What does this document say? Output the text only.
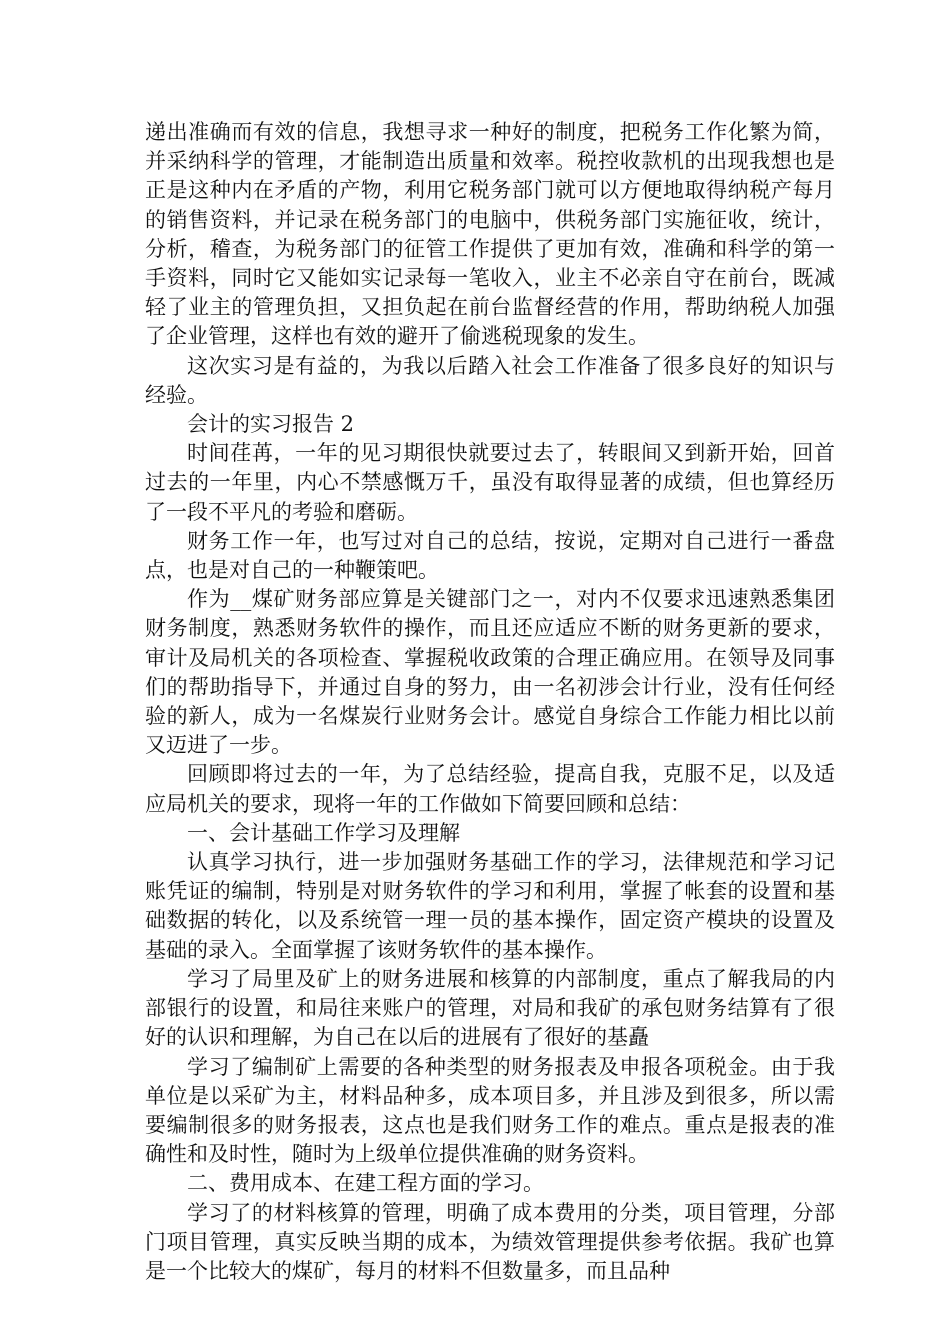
递出准确而有效的信息，我想寻求一种好的制度，把税务工作化繁为简，并采纳科学的管理，才能制造出质量和效率。税控收款机的出现我想也是正是这种内在矛盾的产物，利用它税务部门就可以方便地取得纳税产每月的销售资料，并记录在税务部门的电脑中，供税务部门实施征收，统计，分析，稽查，为税务部门的征管工作提供了更加有效，准确和科学的第一手资料，同时它又能如实记录每一笔收入，业主不必亲自守在前台，既减轻了业主的管理负担，又担负起在前台监督经营的作用，帮助纳税人加强了企业管理，这样也有效的避开了偷逃税现象的发生。

这次实习是有益的，为我以后踏入社会工作准备了很多良好的知识与经验。

会计的实习报告 2

时间荏苒，一年的见习期很快就要过去了，转眼间又到新开始，回首过去的一年里，内心不禁感慨万千，虽没有取得显著的成绩，但也算经历了一段不平凡的考验和磨砺。

财务工作一年，也写过对自己的总结，按说，定期对自己进行一番盘点，也是对自己的一种鞭策吧。

作为__煤矿财务部应算是关键部门之一，对内不仅要求迅速熟悉集团财务制度，熟悉财务软件的操作，而且还应适应不断的财务更新的要求，审计及局机关的各项检查、掌握税收政策的合理正确应用。在领导及同事们的帮助指导下，并通过自身的努力，由一名初涉会计行业，没有任何经验的新人，成为一名煤炭行业财务会计。感觉自身综合工作能力相比以前又迈进了一步。

回顾即将过去的一年，为了总结经验，提高自我，克服不足，以及适应局机关的要求，现将一年的工作做如下简要回顾和总结：

一、会计基础工作学习及理解

认真学习执行，进一步加强财务基础工作的学习，法律规范和学习记账凭证的编制，特别是对财务软件的学习和利用，掌握了帐套的设置和基础数据的转化，以及系统管一理一员的基本操作，固定资产模块的设置及基础的录入。全面掌握了该财务软件的基本操作。

学习了局里及矿上的财务进展和核算的内部制度，重点了解我局的内部银行的设置，和局往来账户的管理，对局和我矿的承包财务结算有了很好的认识和理解，为自己在以后的进展有了很好的基矗

学习了编制矿上需要的各种类型的财务报表及申报各项税金。由于我单位是以采矿为主，材料品种多，成本项目多，并且涉及到很多，所以需要编制很多的财务报表，这点也是我们财务工作的难点。重点是报表的准确性和及时性，随时为上级单位提供准确的财务资料。

二、费用成本、在建工程方面的学习。

学习了的材料核算的管理，明确了成本费用的分类，项目管理，分部门项目管理，真实反映当期的成本，为绩效管理提供参考依据。我矿也算是一个比较大的煤矿，每月的材料不但数量多，而且品种
